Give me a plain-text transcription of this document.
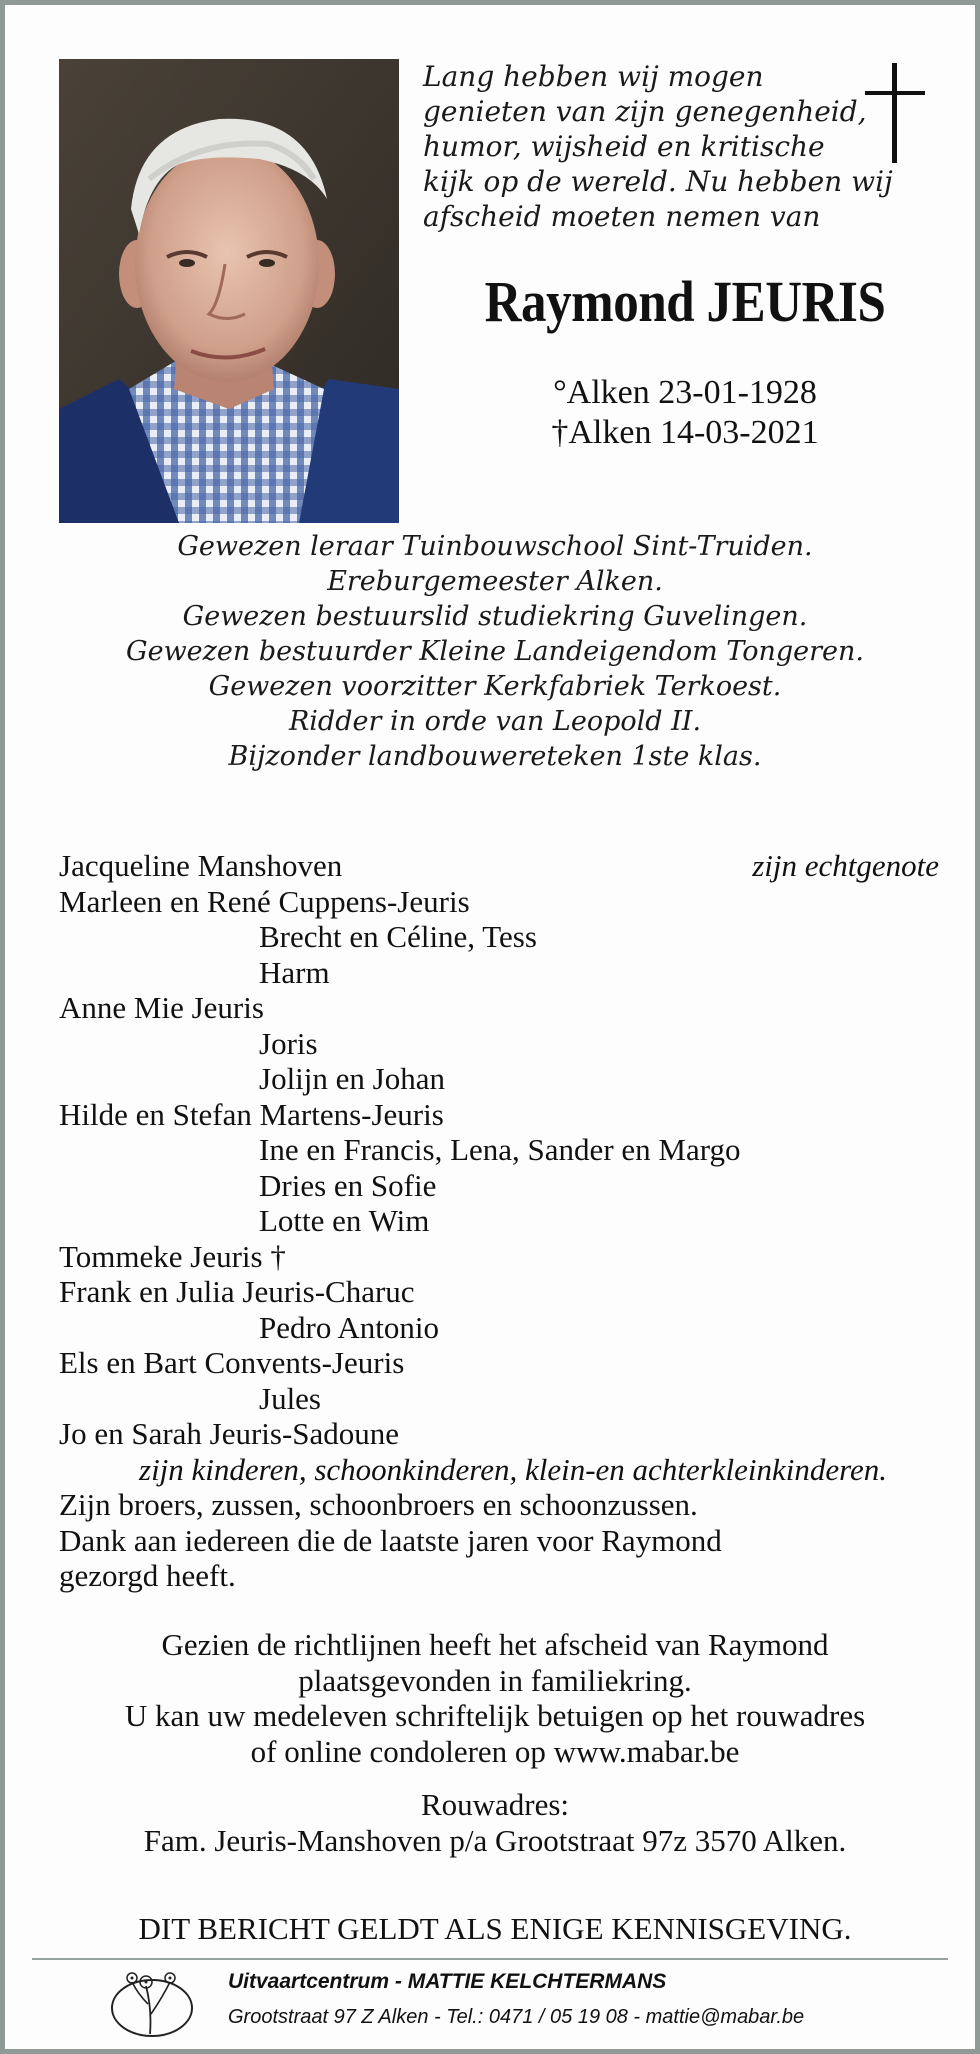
Lang hebben wij mogen
genieten van zijn genegenheid,
humor, wijsheid en kritische
kijk op de wereld. Nu hebben wij
afscheid moeten nemen van
Raymond JEURIS
°Alken 23-01-1928
†Alken 14-03-2021
Gewezen leraar Tuinbouwschool Sint-Truiden.
Ereburgemeester Alken.
Gewezen bestuurslid studiekring Guvelingen.
Gewezen bestuurder Kleine Landeigendom Tongeren.
Gewezen voorzitter Kerkfabriek Terkoest.
Ridder in orde van Leopold II.
Bijzonder landbouwereteken 1ste klas.
Jacqueline Manshoven	zijn echtgenote
Marleen en René Cuppens-Jeuris
Brecht en Céline, Tess
Harm
Anne Mie Jeuris
Joris
Jolijn en Johan
Hilde en Stefan Martens-Jeuris
Ine en Francis, Lena, Sander en Margo
Dries en Sofie
Lotte en Wim
Tommeke Jeuris †
Frank en Julia Jeuris-Charuc
Pedro Antonio
Els en Bart Convents-Jeuris
Jules
Jo en Sarah Jeuris-Sadoune
zijn kinderen, schoonkinderen, klein-en achterkleinkinderen.
Zijn broers, zussen, schoonbroers en schoonzussen.
Dank aan iedereen die de laatste jaren voor Raymond
gezorgd heeft.
Gezien de richtlijnen heeft het afscheid van Raymond
plaatsgevonden in familiekring.
U kan uw medeleven schriftelijk betuigen op het rouwadres
of online condoleren op www.mabar.be
Rouwadres:
Fam. Jeuris-Manshoven p/a Grootstraat 97z 3570 Alken.
DIT BERICHT GELDT ALS ENIGE KENNISGEVING.
Uitvaartcentrum - MATTIE KELCHTERMANS
Grootstraat 97 Z Alken - Tel.: 0471 / 05 19 08 - mattie@mabar.be
